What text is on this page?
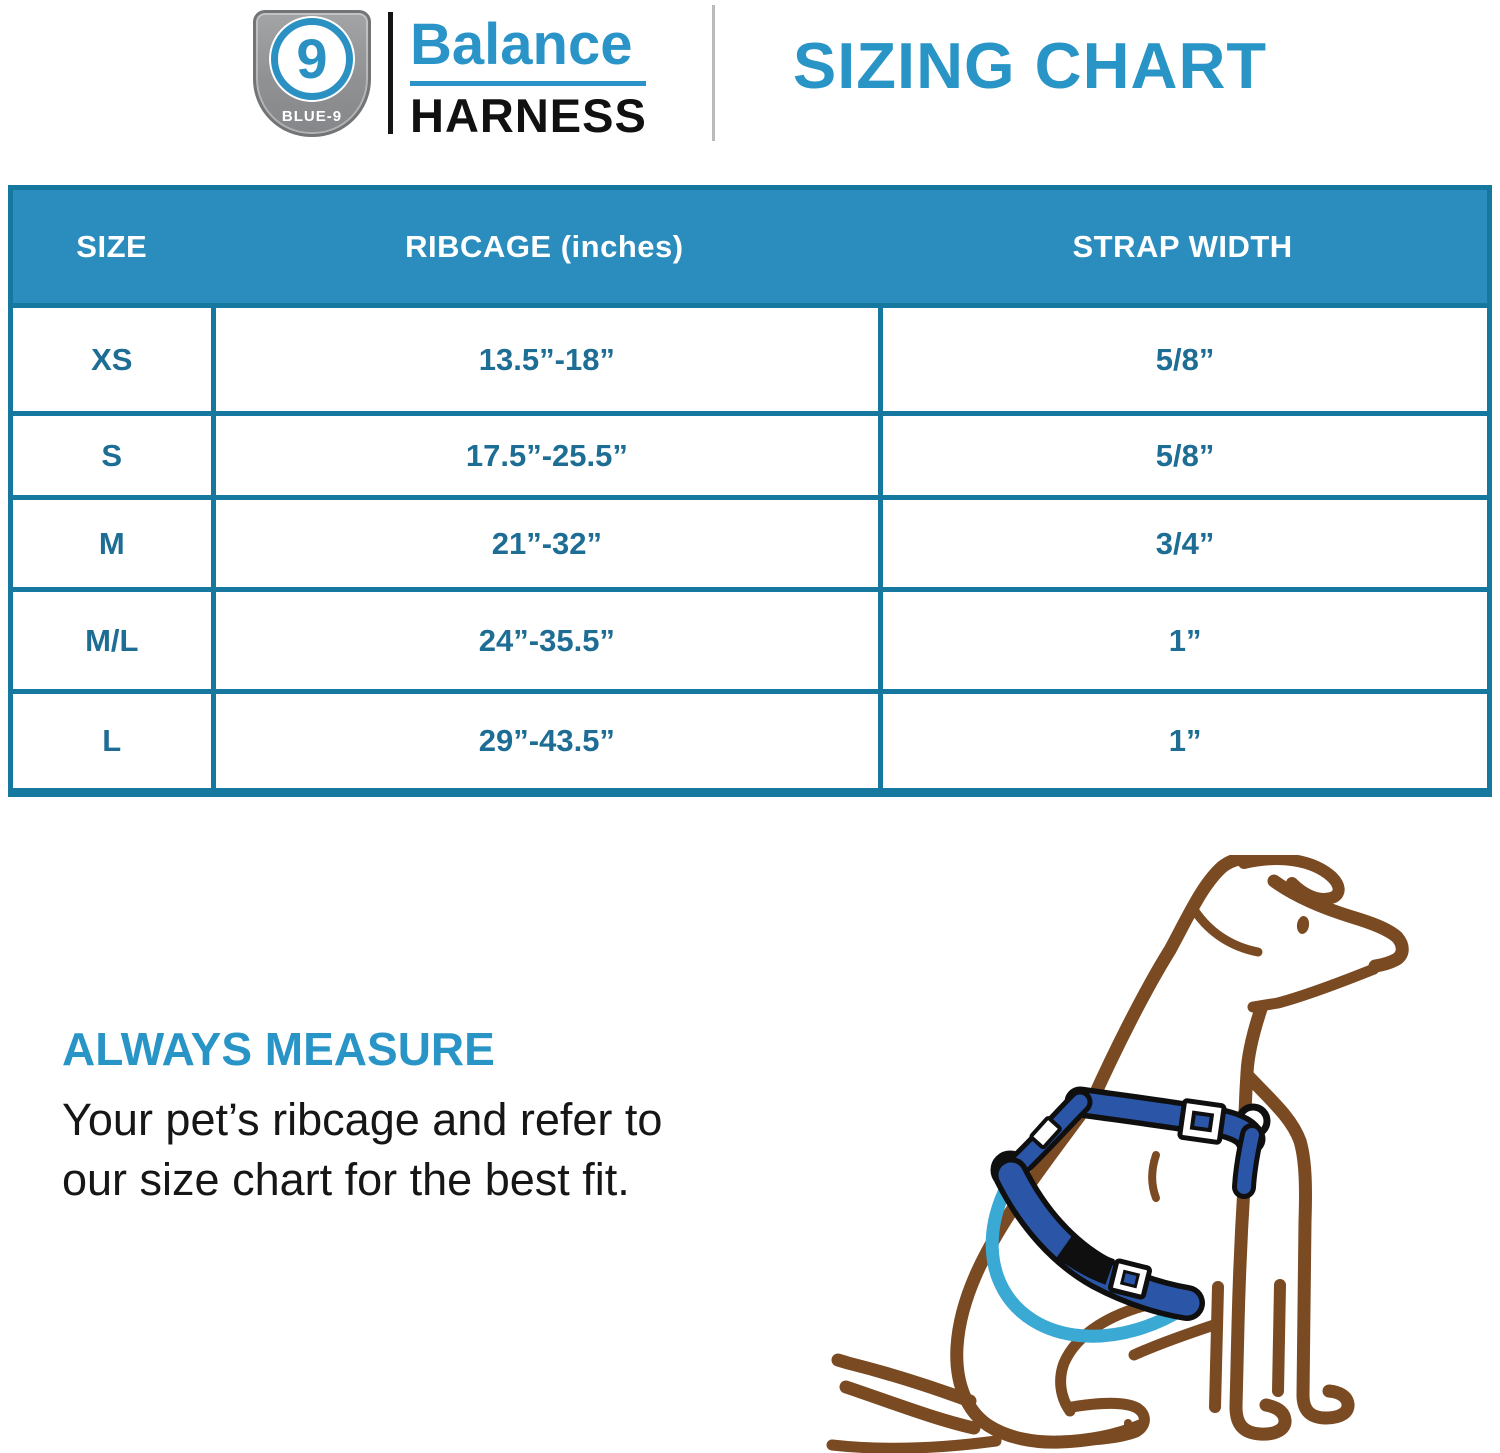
9
BLUE-9
Balance
HARNESS
SIZING CHART
SIZE	RIBCAGE (inches)	STRAP WIDTH
XS	13.5”-18”	5/8”
S	17.5”-25.5”	5/8”
M	21”-32”	3/4”
M/L	24”-35.5”	1”
L	29”-43.5”	1”
ALWAYS MEASURE
Your pet’s ribcage and refer to
our size chart for the best fit.
